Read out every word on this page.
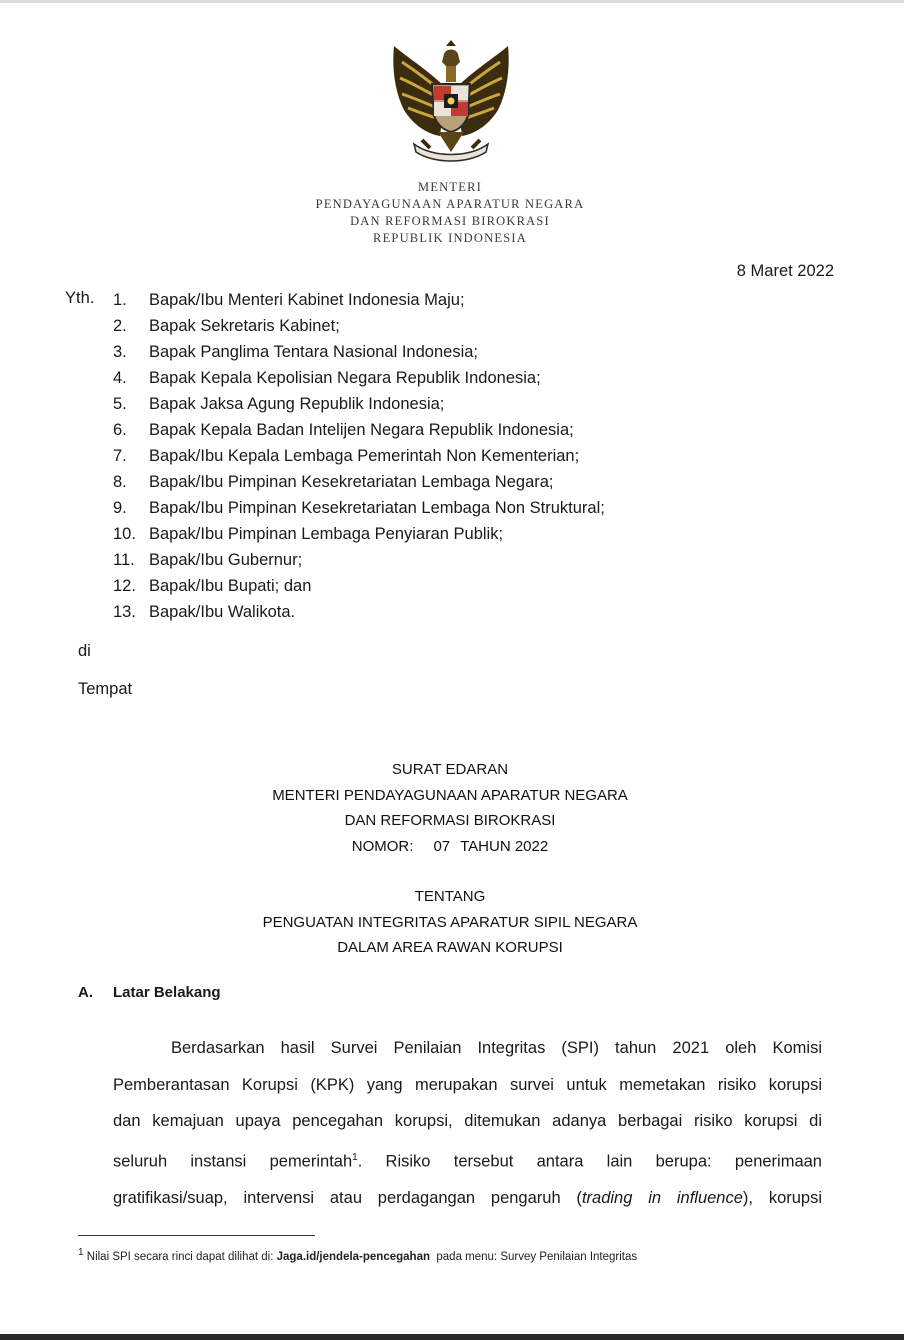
MENTERI
PENDAYAGUNAAN APARATUR NEGARA
DAN REFORMASI BIROKRASI
REPUBLIK INDONESIA
8 Maret 2022
Yth. 1. Bapak/Ibu Menteri Kabinet Indonesia Maju;
2. Bapak Sekretaris Kabinet;
3. Bapak Panglima Tentara Nasional Indonesia;
4. Bapak Kepala Kepolisian Negara Republik Indonesia;
5. Bapak Jaksa Agung Republik Indonesia;
6. Bapak Kepala Badan Intelijen Negara Republik Indonesia;
7. Bapak/Ibu Kepala Lembaga Pemerintah Non Kementerian;
8. Bapak/Ibu Pimpinan Kesekretariatan Lembaga Negara;
9. Bapak/Ibu Pimpinan Kesekretariatan Lembaga Non Struktural;
10. Bapak/Ibu Pimpinan Lembaga Penyiaran Publik;
11. Bapak/Ibu Gubernur;
12. Bapak/Ibu Bupati; dan
13. Bapak/Ibu Walikota.
di
Tempat
SURAT EDARAN
MENTERI PENDAYAGUNAAN APARATUR NEGARA
DAN REFORMASI BIROKRASI
NOMOR: 07 TAHUN 2022
TENTANG
PENGUATAN INTEGRITAS APARATUR SIPIL NEGARA
DALAM AREA RAWAN KORUPSI
A. Latar Belakang
Berdasarkan hasil Survei Penilaian Integritas (SPI) tahun 2021 oleh Komisi
Pemberantasan Korupsi (KPK) yang merupakan survei untuk memetakan risiko korupsi
dan kemajuan upaya pencegahan korupsi, ditemukan adanya berbagai risiko korupsi di
seluruh instansi pemerintah$^1$. Risiko tersebut antara lain berupa: penerimaan
gratifikasi/suap, intervensi atau perdagangan pengaruh (trading in influence), korupsi
$^1$ Nilai SPI secara rinci dapat dilihat di: Jaga.id/jendela-pencegahan  pada menu: Survey Penilaian Integritas
